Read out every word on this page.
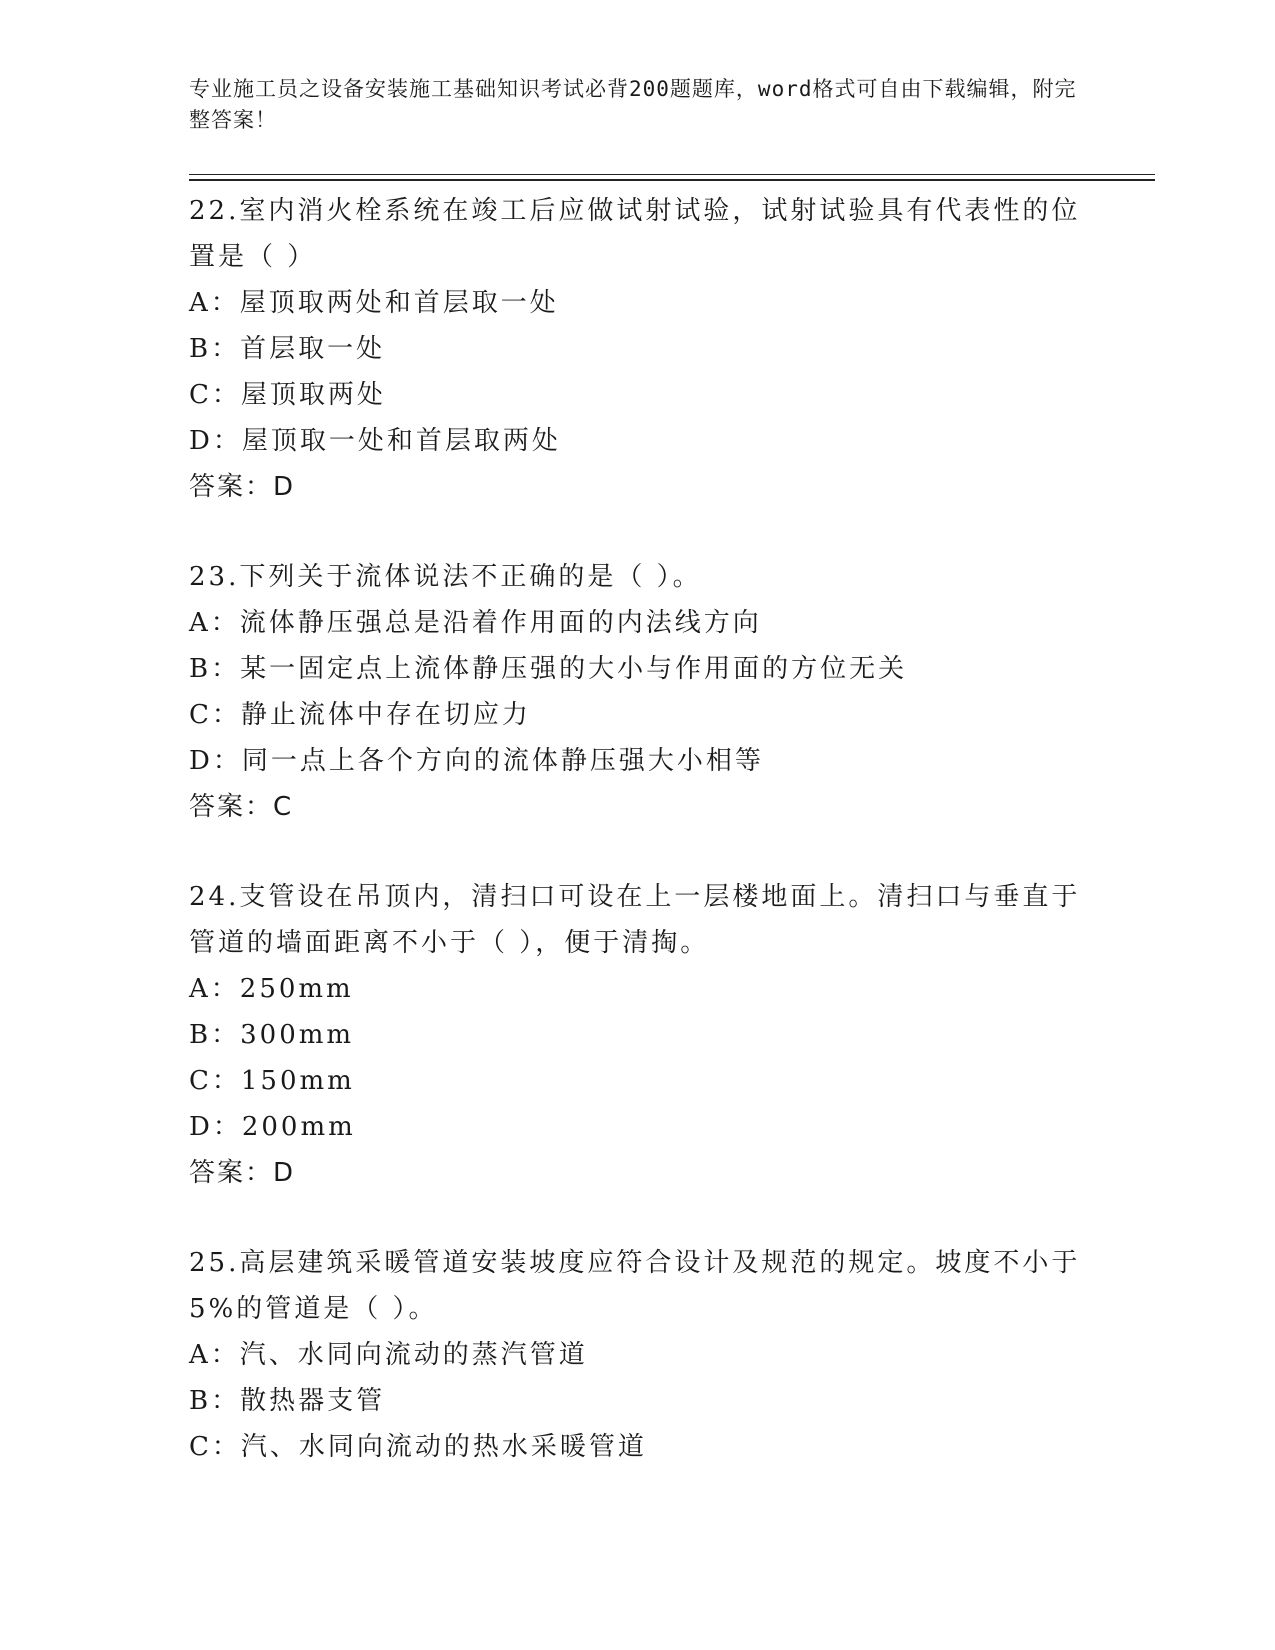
专业施工员之设备安装施工基础知识考试必背200题题库，word格式可自由下载编辑，附完整答案！

22.室内消火栓系统在竣工后应做试射试验，试射试验具有代表性的位置是（ ）

A：屋顶取两处和首层取一处

B：首层取一处

C：屋顶取两处

D：屋顶取一处和首层取两处

答案：D

23.下列关于流体说法不正确的是（ ）。

A：流体静压强总是沿着作用面的内法线方向

B：某一固定点上流体静压强的大小与作用面的方位无关

C：静止流体中存在切应力

D：同一点上各个方向的流体静压强大小相等

答案：C

24.支管设在吊顶内，清扫口可设在上一层楼地面上。清扫口与垂直于管道的墙面距离不小于（ ），便于清掏。

A：250mm

B：300mm

C：150mm

D：200mm

答案：D

25.高层建筑采暖管道安装坡度应符合设计及规范的规定。坡度不小于5%的管道是（ ）。

A：汽、水同向流动的蒸汽管道

B：散热器支管

C：汽、水同向流动的热水采暖管道
